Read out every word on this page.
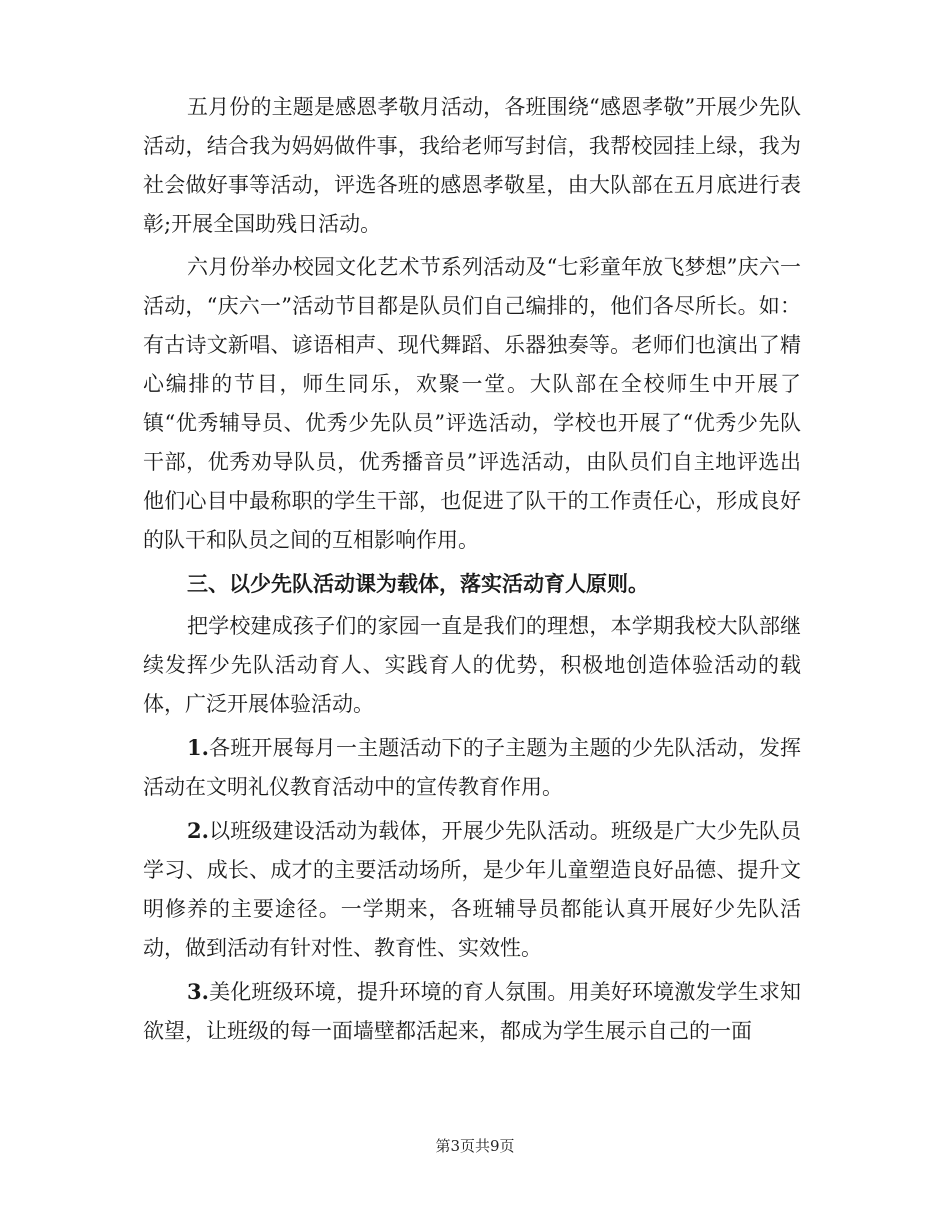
五月份的主题是感恩孝敬月活动，各班围绕“感恩孝敬”开展少先队活动，结合我为妈妈做件事，我给老师写封信，我帮校园挂上绿，我为社会做好事等活动，评选各班的感恩孝敬星，由大队部在五月底进行表彰;开展全国助残日活动。

六月份举办校园文化艺术节系列活动及“七彩童年放飞梦想”庆六一活动，“庆六一”活动节目都是队员们自己编排的，他们各尽所长。如：有古诗文新唱、谚语相声、现代舞蹈、乐器独奏等。老师们也演出了精心编排的节目，师生同乐，欢聚一堂。大队部在全校师生中开展了镇“优秀辅导员、优秀少先队员”评选活动，学校也开展了“优秀少先队干部，优秀劝导队员，优秀播音员”评选活动，由队员们自主地评选出他们心目中最称职的学生干部，也促进了队干的工作责任心，形成良好的队干和队员之间的互相影响作用。

三、以少先队活动课为载体，落实活动育人原则。

把学校建成孩子们的家园一直是我们的理想，本学期我校大队部继续发挥少先队活动育人、实践育人的优势，积极地创造体验活动的载体，广泛开展体验活动。

1.各班开展每月一主题活动下的子主题为主题的少先队活动，发挥活动在文明礼仪教育活动中的宣传教育作用。

2.以班级建设活动为载体，开展少先队活动。班级是广大少先队员学习、成长、成才的主要活动场所，是少年儿童塑造良好品德、提升文明修养的主要途径。一学期来，各班辅导员都能认真开展好少先队活动，做到活动有针对性、教育性、实效性。

3.美化班级环境，提升环境的育人氛围。用美好环境激发学生求知欲望，让班级的每一面墙壁都活起来，都成为学生展示自己的一面

第3页共9页
